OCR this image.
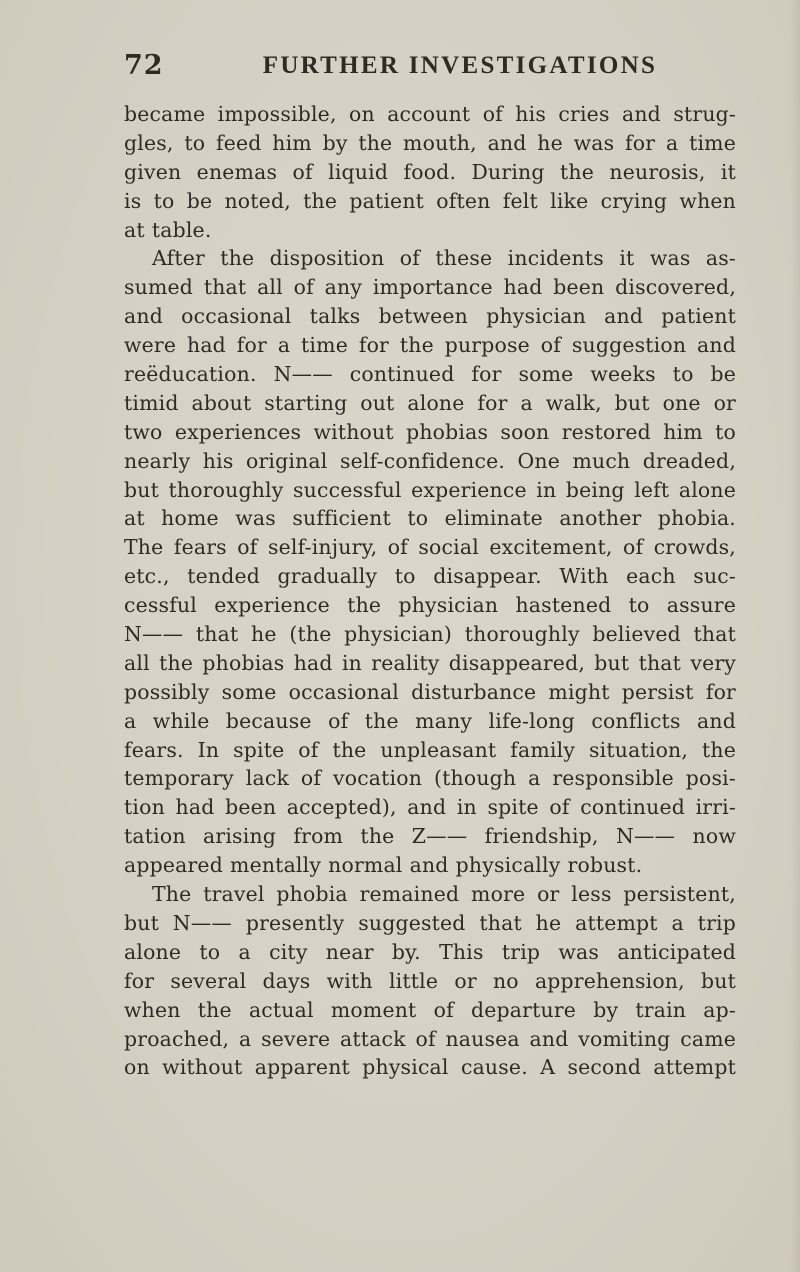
72	FURTHER INVESTIGATIONS
became impossible, on account of his cries and strug-
gles, to feed him by the mouth, and he was for a time
given enemas of liquid food. During the neurosis, it
is to be noted, the patient often felt like crying when
at table.
After the disposition of these incidents it was as-
sumed that all of any importance had been discovered,
and occasional talks between physician and patient
were had for a time for the purpose of suggestion and
reëducation. N—— continued for some weeks to be
timid about starting out alone for a walk, but one or
two experiences without phobias soon restored him to
nearly his original self-confidence. One much dreaded,
but thoroughly successful experience in being left alone
at home was sufficient to eliminate another phobia.
The fears of self-injury, of social excitement, of crowds,
etc., tended gradually to disappear. With each suc-
cessful experience the physician hastened to assure
N—— that he (the physician) thoroughly believed that
all the phobias had in reality disappeared, but that very
possibly some occasional disturbance might persist for
a while because of the many life-long conflicts and
fears. In spite of the unpleasant family situation, the
temporary lack of vocation (though a responsible posi-
tion had been accepted), and in spite of continued irri-
tation arising from the Z—— friendship, N—— now
appeared mentally normal and physically robust.
The travel phobia remained more or less persistent,
but N—— presently suggested that he attempt a trip
alone to a city near by. This trip was anticipated
for several days with little or no apprehension, but
when the actual moment of departure by train ap-
proached, a severe attack of nausea and vomiting came
on without apparent physical cause. A second attempt
